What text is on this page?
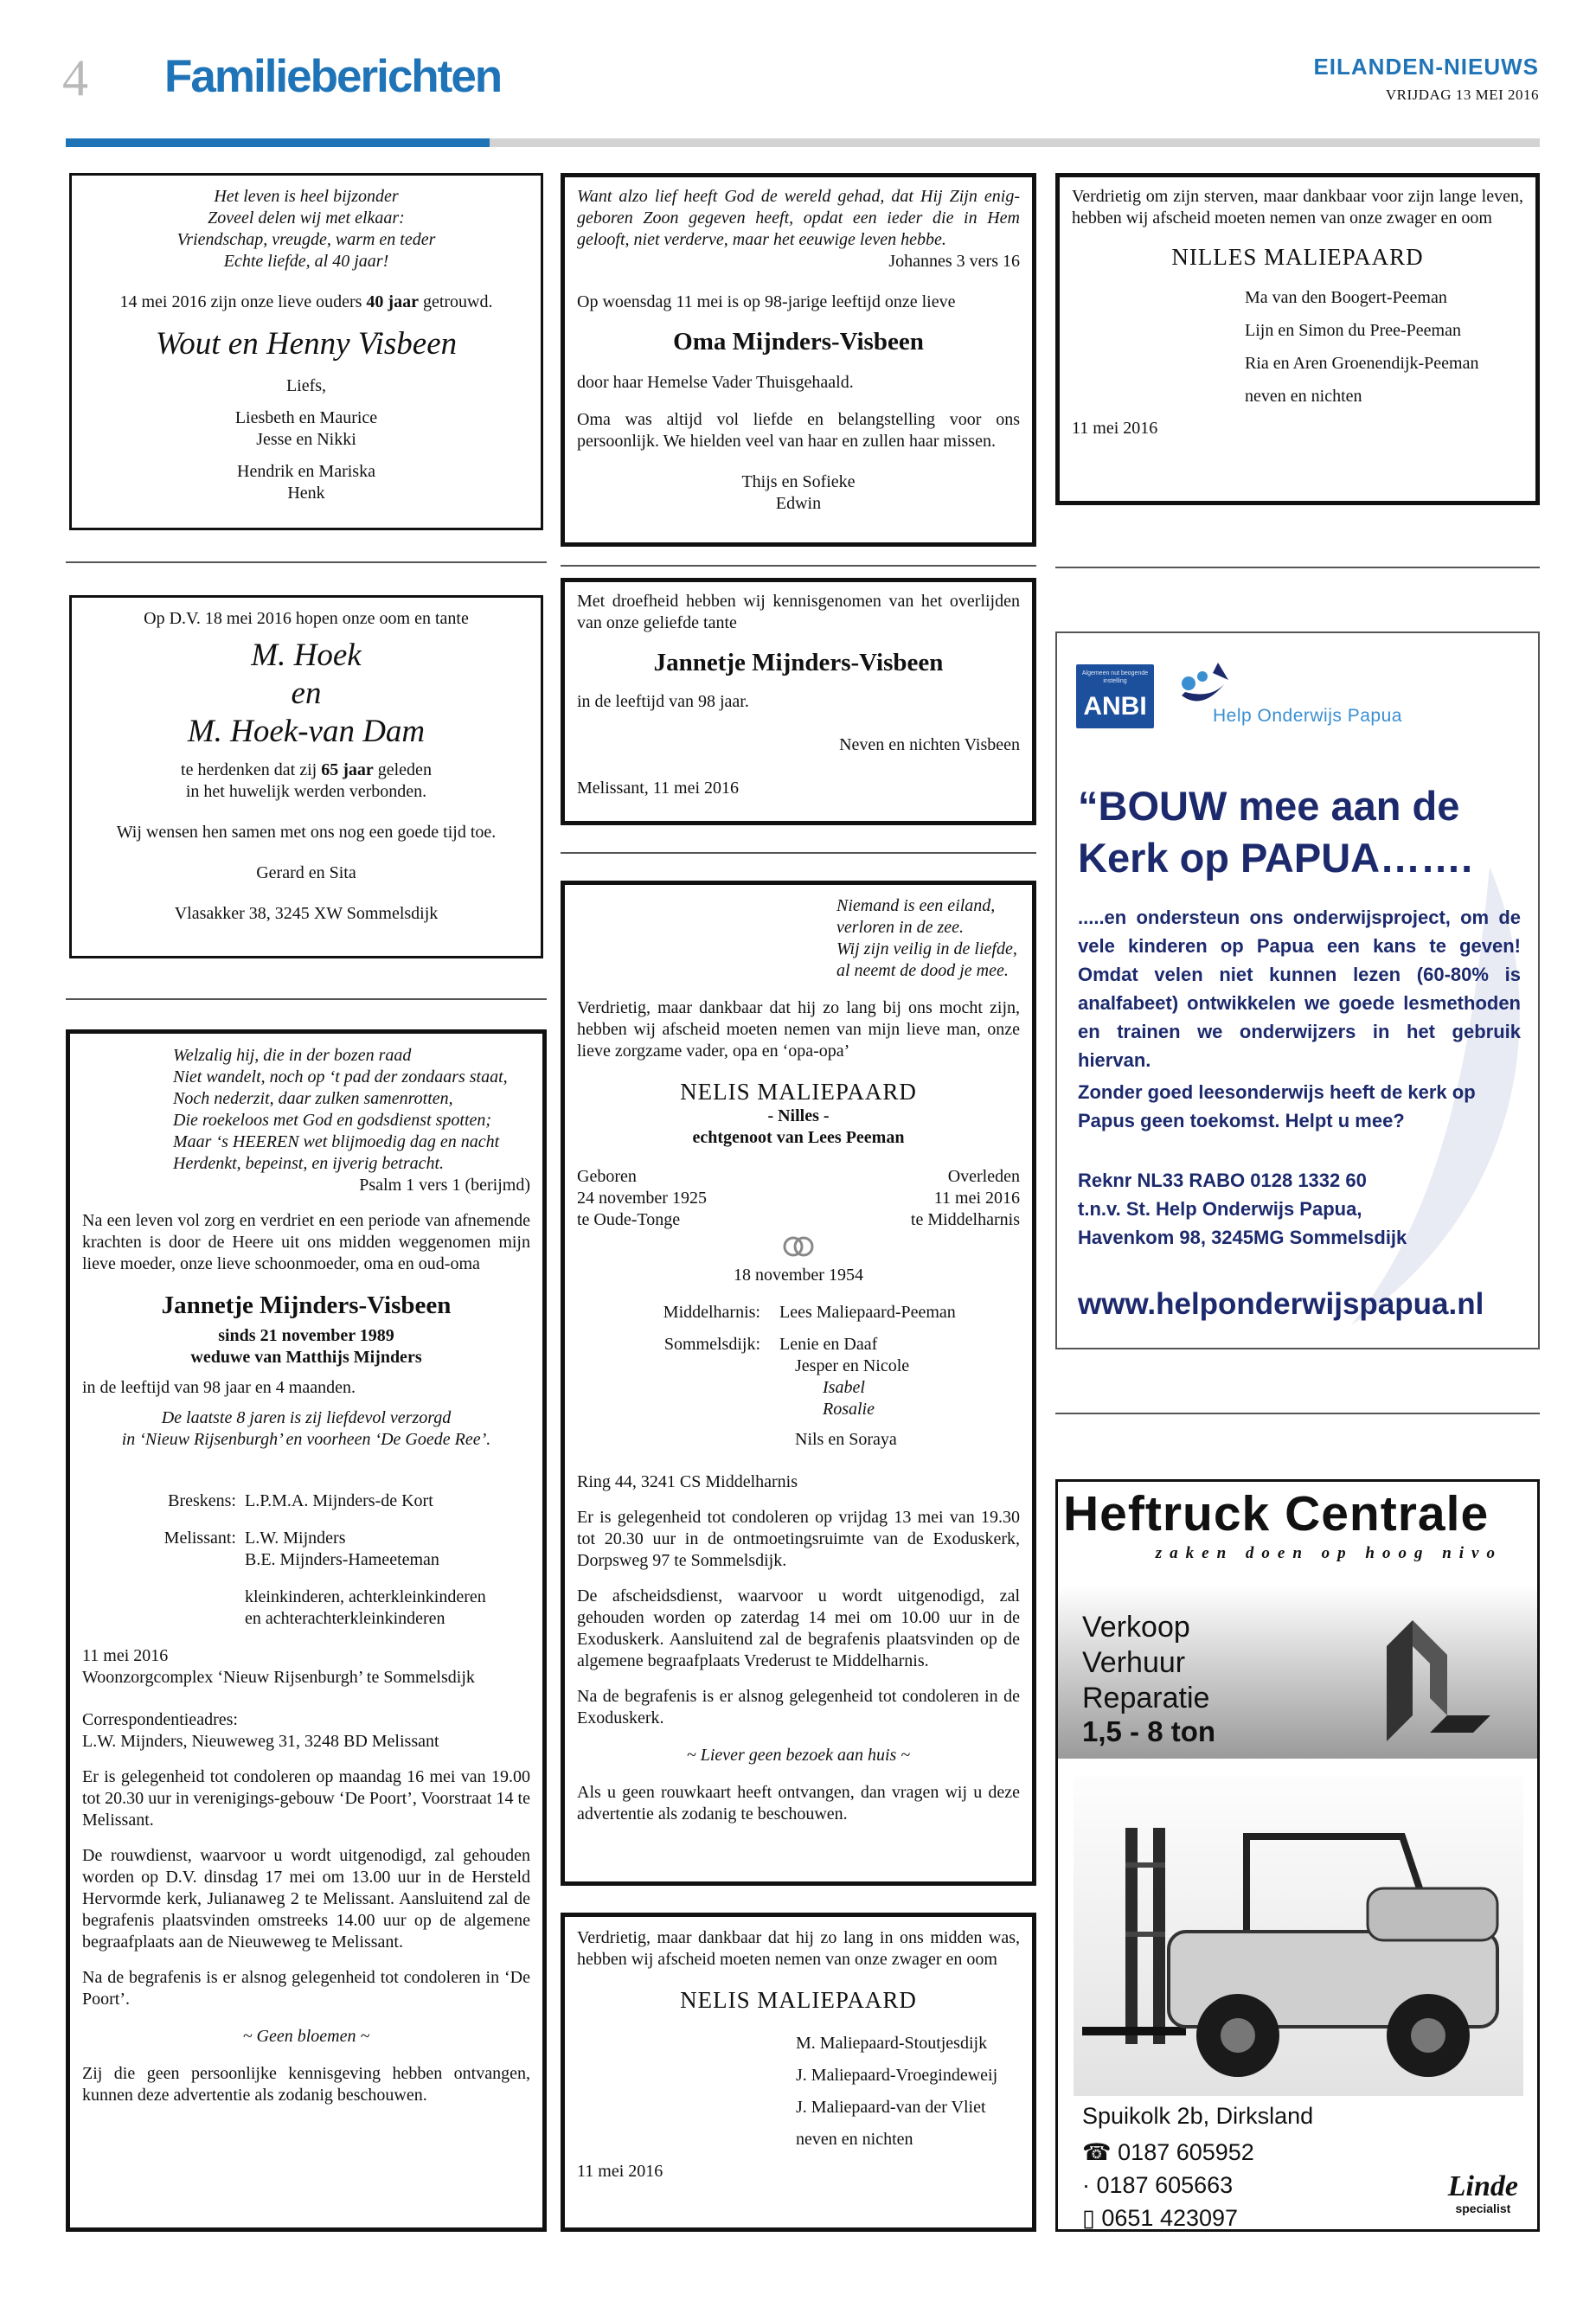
4 Familieberichten	EILANDEN-NIEUWS
VRIJDAG 13 MEI 2016

Het leven is heel bijzonder

Zoveel delen wij met elkaar:

Vriendschap, vreugde, warm en teder

Echte liefde, al 40 jaar!

14 mei 2016 zijn onze lieve ouders 40 jaar getrouwd.

Wout en Henny Visbeen

Liefs,

Liesbeth en Maurice

Jesse en Nikki

Hendrik en Mariska

Henk

Op D.V. 18 mei 2016 hopen onze oom en tante

M. Hoek

en

M. Hoek-van Dam

te herdenken dat zij 65 jaar geleden

in het huwelijk werden verbonden.

Wij wensen hen samen met ons nog een goede tijd toe.

Gerard en Sita

Vlasakker 38, 3245 XW Sommelsdijk

Welzalig hij, die in der bozen raad

Niet wandelt, noch op ‘t pad der zondaars staat,

Noch nederzit, daar zulken samenrotten,

Die roekeloos met God en godsdienst spotten;

Maar ‘s HEEREN wet blijmoedig dag en nacht

Herdenkt, bepeinst, en ijverig betracht.

Psalm 1 vers 1 (berijmd)

Na een leven vol zorg en verdriet en een periode van afnemende krachten is door de Heere uit ons midden weggenomen mijn lieve moeder, onze lieve schoonmoeder, oma en oud-oma

Jannetje Mijnders-Visbeen

sinds 21 november 1989

weduwe van Matthijs Mijnders

in de leeftijd van 98 jaar en 4 maanden.

De laatste 8 jaren is zij liefdevol verzorgd

in ‘Nieuw Rijsenburgh’ en voorheen ‘De Goede Ree’.

Breskens: L.P.M.A. Mijnders-de Kort
Melissant: L.W. Mijnders

B.E. Mijnders-Hameeteman

kleinkinderen, achterkleinkinderen

en achterachterkleinkinderen

11 mei 2016

Woonzorgcomplex ‘Nieuw Rijsenburgh’ te Sommelsdijk

Correspondentieadres:

L.W. Mijnders, Nieuweweg 31, 3248 BD Melissant

Er is gelegenheid tot condoleren op maandag 16 mei van 19.00 tot 20.30 uur in verenigings-gebouw ‘De Poort’, Voorstraat 14 te Melissant.

De rouwdienst, waarvoor u wordt uitgenodigd, zal gehouden worden op D.V. dinsdag 17 mei om 13.00 uur in de Hersteld Hervormde kerk, Julianaweg 2 te Melissant. Aansluitend zal de begrafenis plaatsvinden omstreeks 14.00 uur op de algemene begraafplaats aan de Nieuweweg te Melissant.

Na de begrafenis is er alsnog gelegenheid tot condoleren in ‘De Poort’.

~ Geen bloemen ~

Zij die geen persoonlijke kennisgeving hebben ontvangen, kunnen deze advertentie als zodanig beschouwen.

Want alzo lief heeft God de wereld gehad, dat Hij Zijn eniggeboren Zoon gegeven heeft, opdat een ieder die in Hem gelooft, niet verderve, maar het eeuwige leven hebbe.

Johannes 3 vers 16

Op woensdag 11 mei is op 98-jarige leeftijd onze lieve

Oma Mijnders-Visbeen

door haar Hemelse Vader Thuisgehaald.

Oma was altijd vol liefde en belangstelling voor ons persoonlijk. We hielden veel van haar en zullen haar missen.

Thijs en Sofieke

Edwin

Met droefheid hebben wij kennisgenomen van het overlijden van onze geliefde tante

Jannetje Mijnders-Visbeen

in de leeftijd van 98 jaar.

Neven en nichten Visbeen

Melissant, 11 mei 2016

Niemand is een eiland,

verloren in de zee.

Wij zijn veilig in de liefde,

al neemt de dood je mee.

Verdrietig, maar dankbaar dat hij zo lang bij ons mocht zijn, hebben wij afscheid moeten nemen van mijn lieve man, onze lieve zorgzame vader, opa en ‘opa-opa’

NELIS MALIEPAARD

- Nilles -

echtgenoot van Lees Peeman

Geboren

24 november 1925

te Oude-Tonge

Overleden

11 mei 2016

te Middelharnis

18 november 1954

Middelharnis:	Lees Maliepaard-Peeman
Sommelsdijk:	Lenie en Daaf

Jesper en Nicole

Isabel

Rosalie

Nils en Soraya

Ring 44, 3241 CS Middelharnis

Er is gelegenheid tot condoleren op vrijdag 13 mei van 19.30 tot 20.30 uur in de ontmoetingsruimte van de Exoduskerk, Dorpsweg 97 te Sommelsdijk.

De afscheidsdienst, waarvoor u wordt uitgenodigd, zal gehouden worden op zaterdag 14 mei om 10.00 uur in de Exoduskerk. Aansluitend zal de begrafenis plaatsvinden op de algemene begraafplaats Vrederust te Middelharnis.

Na de begrafenis is er alsnog gelegenheid tot condoleren in de Exoduskerk.

~ Liever geen bezoek aan huis ~

Als u geen rouwkaart heeft ontvangen, dan vragen wij u deze advertentie als zodanig te beschouwen.

Verdrietig, maar dankbaar dat hij zo lang in ons midden was, hebben wij afscheid moeten nemen van onze zwager en oom

NELIS MALIEPAARD

M. Maliepaard-Stoutjesdijk

J. Maliepaard-Vroegindeweij

J. Maliepaard-van der Vliet

neven en nichten

11 mei 2016

Verdrietig om zijn sterven, maar dankbaar voor zijn lange leven, hebben wij afscheid moeten nemen van onze zwager en oom

NILLES MALIEPAARD

Ma van den Boogert-Peeman

Lijn en Simon du Pree-Peeman

Ria en Aren Groenendijk-Peeman

neven en nichten

11 mei 2016

Algemeen nut beogende instelling
ANBI	Help Onderwijs Papua

“BOUW mee aan de

Kerk op PAPUA…….

.....en ondersteun ons onderwijsproject, om de vele kinderen op Papua een kans te geven! Omdat velen niet kunnen lezen (60-80% is analfabeet) ontwikkelen we goede lesmethoden en trainen we onderwijzers in het gebruik hiervan.

Zonder goed leesonderwijs heeft de kerk op Papus geen toekomst. Helpt u mee?

Reknr NL33 RABO 0128 1332 60

t.n.v. St. Help Onderwijs Papua,

Havenkom 98, 3245MG Sommelsdijk

www.helponderwijspapua.nl
Heftruck Centrale
zaken doen op hoog nivo

Verkoop

Verhuur

Reparatie

1,5 - 8 ton
Spuikolk 2b, Dirksland

☎ 0187 605952

· 0187 605663

▯ 0651 423097

Linde
specialist
